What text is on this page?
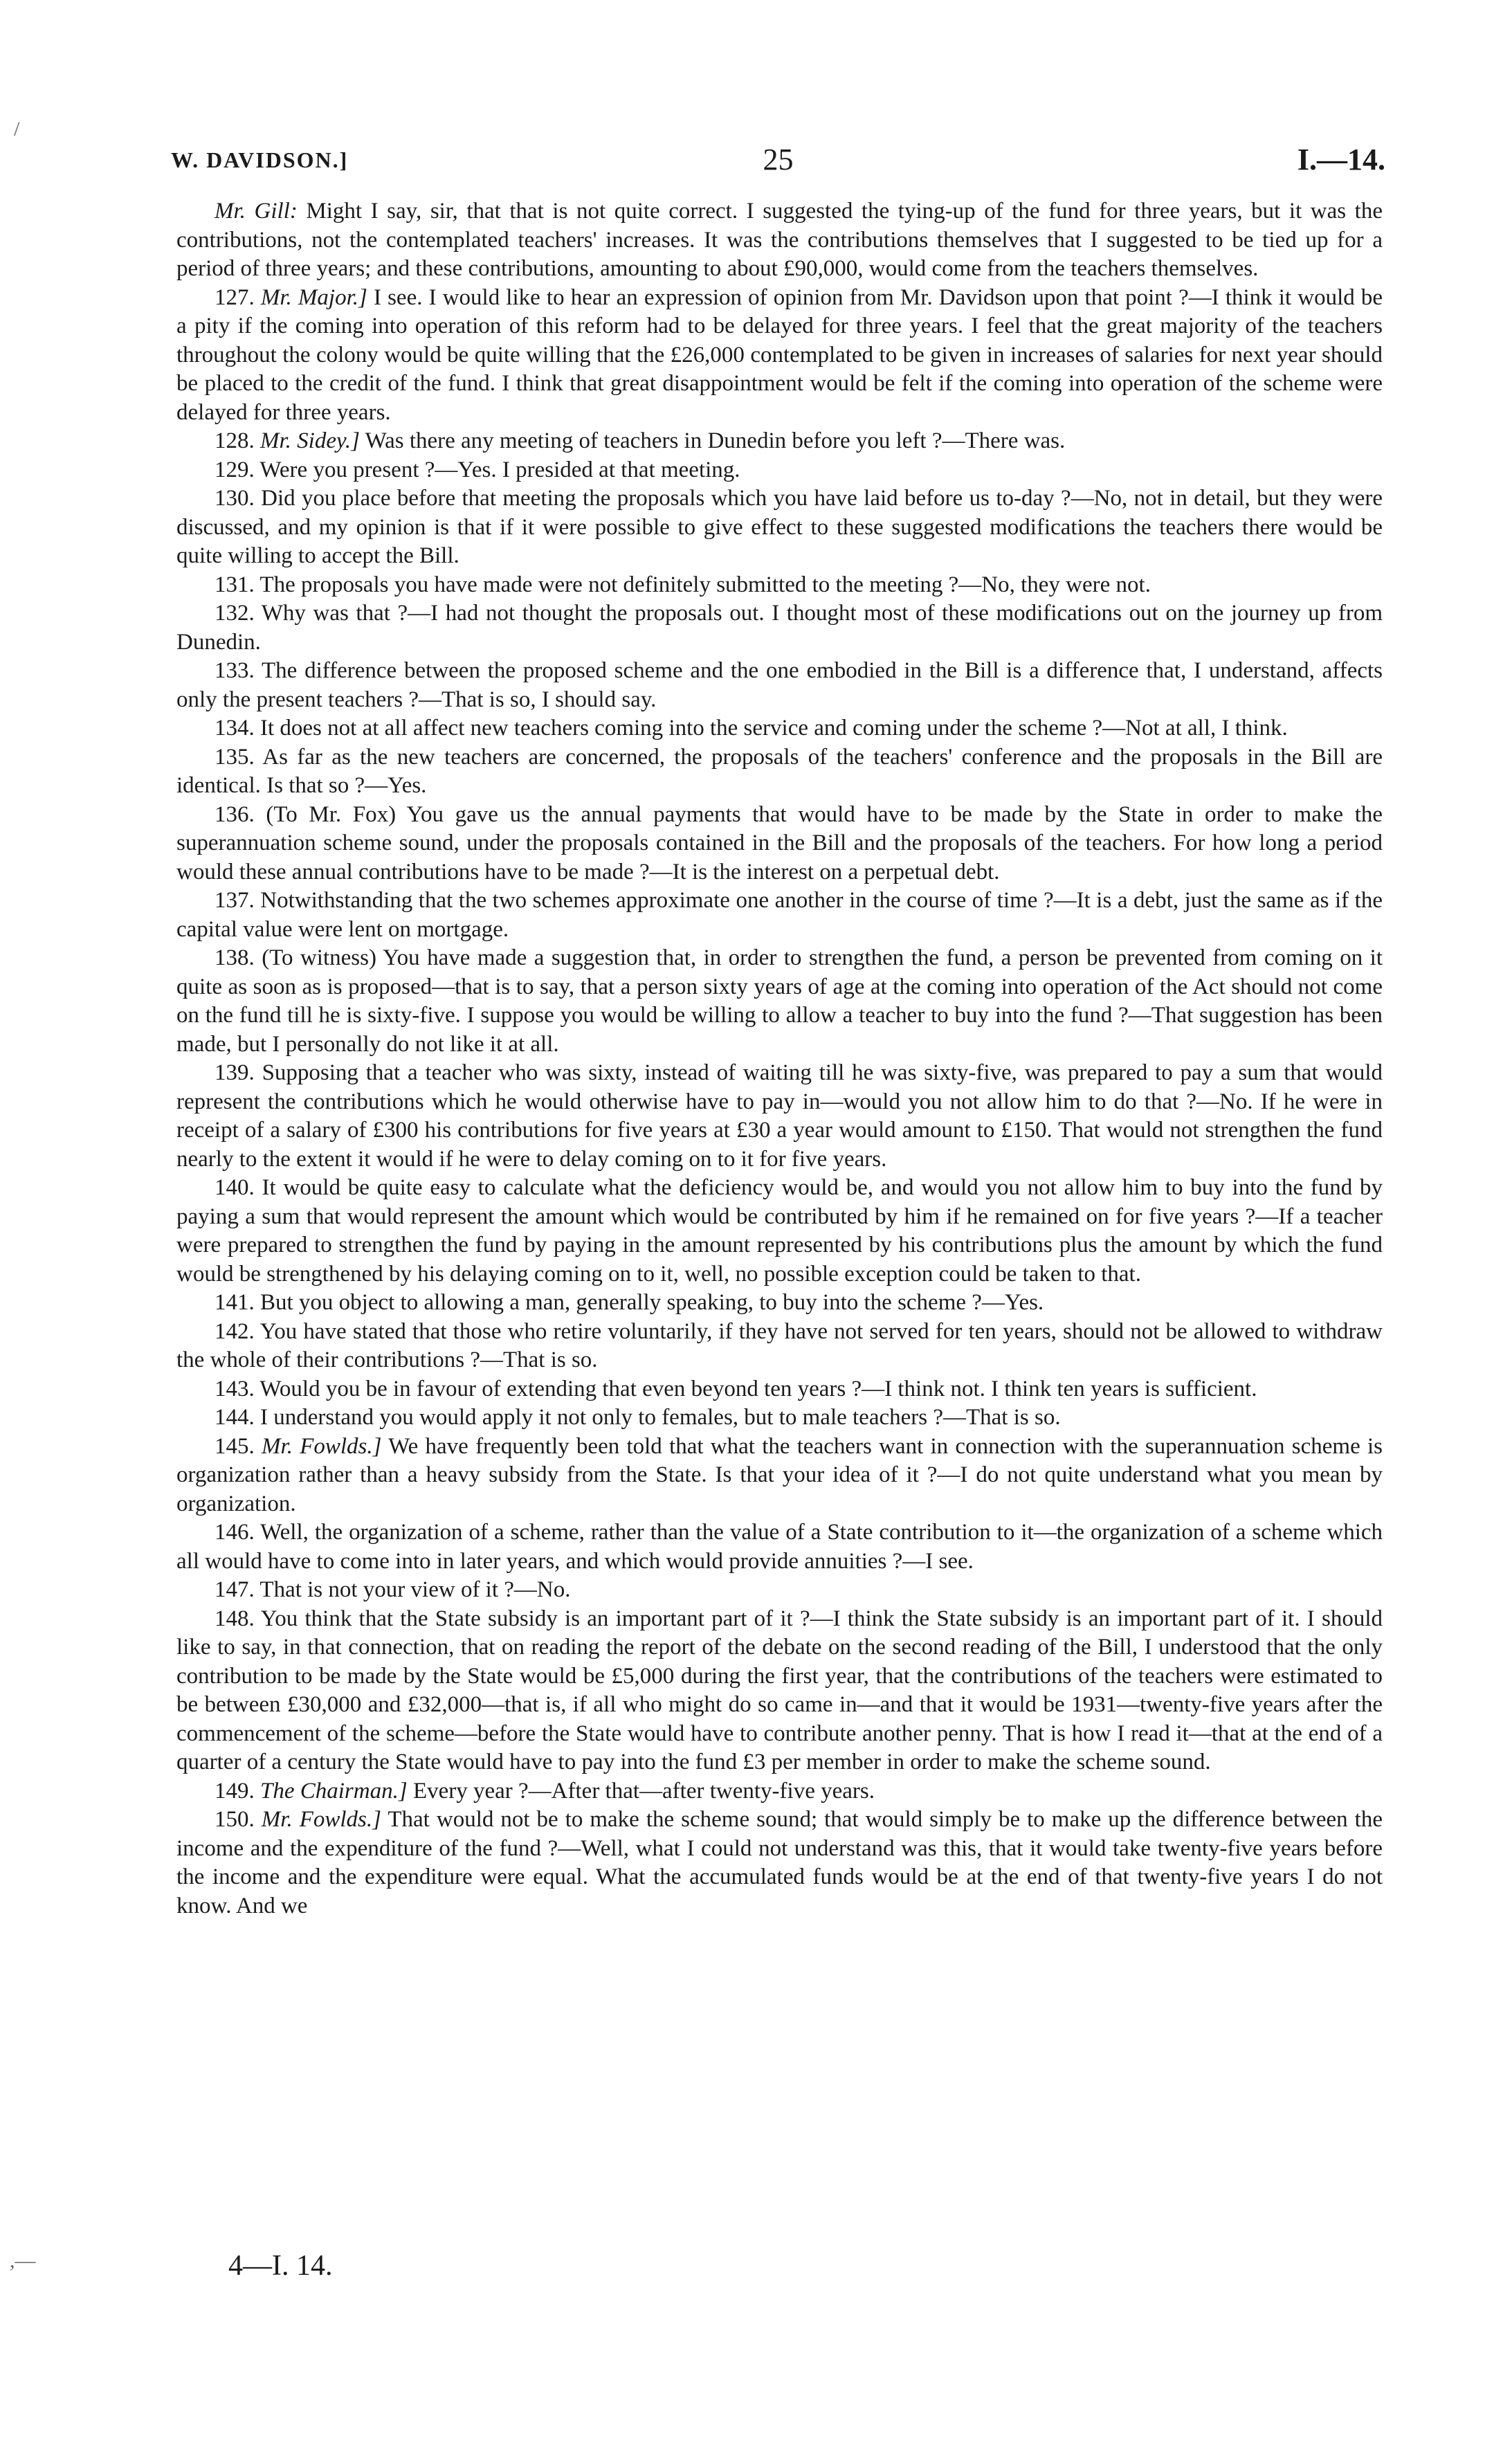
W. DAVIDSON.]	25	I.—14.

Mr. Gill: Might I say, sir, that that is not quite correct. I suggested the tying-up of the fund for three years, but it was the contributions, not the contemplated teachers' increases. It was the contributions themselves that I suggested to be tied up for a period of three years; and these contributions, amounting to about £90,000, would come from the teachers themselves.

127. Mr. Major.] I see. I would like to hear an expression of opinion from Mr. Davidson upon that point ?—I think it would be a pity if the coming into operation of this reform had to be delayed for three years. I feel that the great majority of the teachers throughout the colony would be quite willing that the £26,000 contemplated to be given in increases of salaries for next year should be placed to the credit of the fund. I think that great disappointment would be felt if the coming into operation of the scheme were delayed for three years.

128. Mr. Sidey.] Was there any meeting of teachers in Dunedin before you left ?—There was.

129. Were you present ?—Yes. I presided at that meeting.

130. Did you place before that meeting the proposals which you have laid before us to-day ?—No, not in detail, but they were discussed, and my opinion is that if it were possible to give effect to these suggested modifications the teachers there would be quite willing to accept the Bill.

131. The proposals you have made were not definitely submitted to the meeting ?—No, they were not.

132. Why was that ?—I had not thought the proposals out. I thought most of these modifications out on the journey up from Dunedin.

133. The difference between the proposed scheme and the one embodied in the Bill is a difference that, I understand, affects only the present teachers ?—That is so, I should say.

134. It does not at all affect new teachers coming into the service and coming under the scheme ?—Not at all, I think.

135. As far as the new teachers are concerned, the proposals of the teachers' conference and the proposals in the Bill are identical. Is that so ?—Yes.

136. (To Mr. Fox) You gave us the annual payments that would have to be made by the State in order to make the superannuation scheme sound, under the proposals contained in the Bill and the proposals of the teachers. For how long a period would these annual contributions have to be made ?—It is the interest on a perpetual debt.

137. Notwithstanding that the two schemes approximate one another in the course of time ?—It is a debt, just the same as if the capital value were lent on mortgage.

138. (To witness) You have made a suggestion that, in order to strengthen the fund, a person be prevented from coming on it quite as soon as is proposed—that is to say, that a person sixty years of age at the coming into operation of the Act should not come on the fund till he is sixty-five. I suppose you would be willing to allow a teacher to buy into the fund ?—That suggestion has been made, but I personally do not like it at all.

139. Supposing that a teacher who was sixty, instead of waiting till he was sixty-five, was prepared to pay a sum that would represent the contributions which he would otherwise have to pay in—would you not allow him to do that ?—No. If he were in receipt of a salary of £300 his contributions for five years at £30 a year would amount to £150. That would not strengthen the fund nearly to the extent it would if he were to delay coming on to it for five years.

140. It would be quite easy to calculate what the deficiency would be, and would you not allow him to buy into the fund by paying a sum that would represent the amount which would be contributed by him if he remained on for five years ?—If a teacher were prepared to strengthen the fund by paying in the amount represented by his contributions plus the amount by which the fund would be strengthened by his delaying coming on to it, well, no possible exception could be taken to that.

141. But you object to allowing a man, generally speaking, to buy into the scheme ?—Yes.

142. You have stated that those who retire voluntarily, if they have not served for ten years, should not be allowed to withdraw the whole of their contributions ?—That is so.

143. Would you be in favour of extending that even beyond ten years ?—I think not. I think ten years is sufficient.

144. I understand you would apply it not only to females, but to male teachers ?—That is so.

145. Mr. Fowlds.] We have frequently been told that what the teachers want in connection with the superannuation scheme is organization rather than a heavy subsidy from the State. Is that your idea of it ?—I do not quite understand what you mean by organization.

146. Well, the organization of a scheme, rather than the value of a State contribution to it—the organization of a scheme which all would have to come into in later years, and which would provide annuities ?—I see.

147. That is not your view of it ?—No.

148. You think that the State subsidy is an important part of it ?—I think the State subsidy is an important part of it. I should like to say, in that connection, that on reading the report of the debate on the second reading of the Bill, I understood that the only contribution to be made by the State would be £5,000 during the first year, that the contributions of the teachers were estimated to be between £30,000 and £32,000—that is, if all who might do so came in—and that it would be 1931—twenty-five years after the commencement of the scheme—before the State would have to contribute another penny. That is how I read it—that at the end of a quarter of a century the State would have to pay into the fund £3 per member in order to make the scheme sound.

149. The Chairman.] Every year ?—After that—after twenty-five years.

150. Mr. Fowlds.] That would not be to make the scheme sound; that would simply be to make up the difference between the income and the expenditure of the fund ?—Well, what I could not understand was this, that it would take twenty-five years before the income and the expenditure were equal. What the accumulated funds would be at the end of that twenty-five years I do not know. And we

4—I. 14.
/
,—
